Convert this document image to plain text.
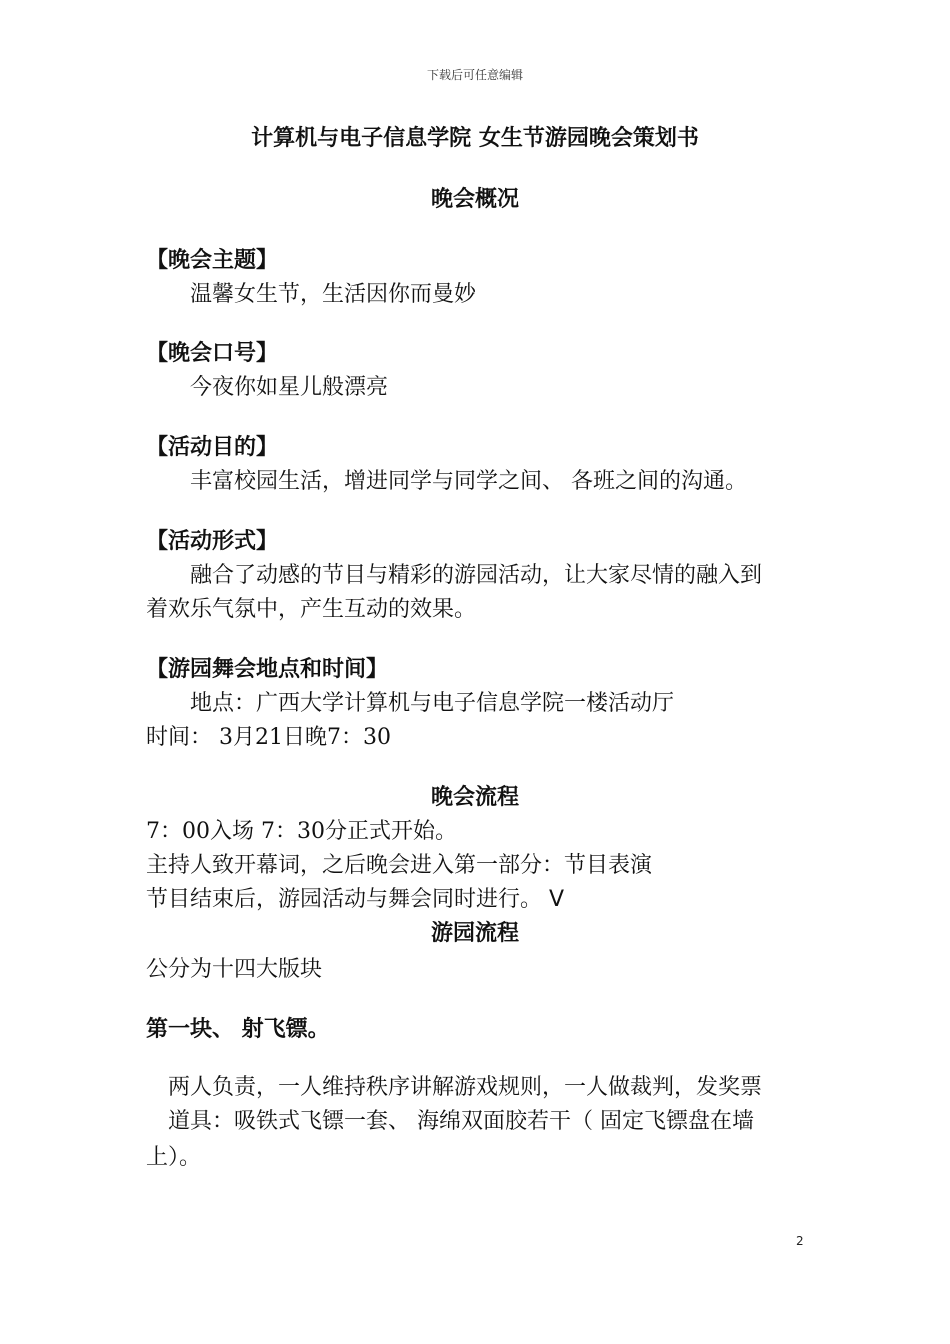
下载后可任意编辑
计算机与电子信息学院 女生节游园晚会策划书
晚会概况
【晚会主题】
温馨女生节，生活因你而曼妙
【晚会口号】
今夜你如星儿般漂亮
【活动目的】
丰富校园生活，增进同学与同学之间、 各班之间的沟通。
【活动形式】
融合了动感的节目与精彩的游园活动，让大家尽情的融入到
着欢乐气氛中，产生互动的效果。
【游园舞会地点和时间】
地点：广西大学计算机与电子信息学院一楼活动厅
时间： 3月21日晚7：30
晚会流程
7：00入场 7：30分正式开始。
主持人致开幕词，之后晚会进入第一部分：节目表演
节目结束后，游园活动与舞会同时进行。 V
游园流程
公分为十四大版块
第一块、 射飞镖。
两人负责，一人维持秩序讲解游戏规则，一人做裁判，发奖票
道具：吸铁式飞镖一套、 海绵双面胶若干（ 固定飞镖盘在墙
上）。
2
